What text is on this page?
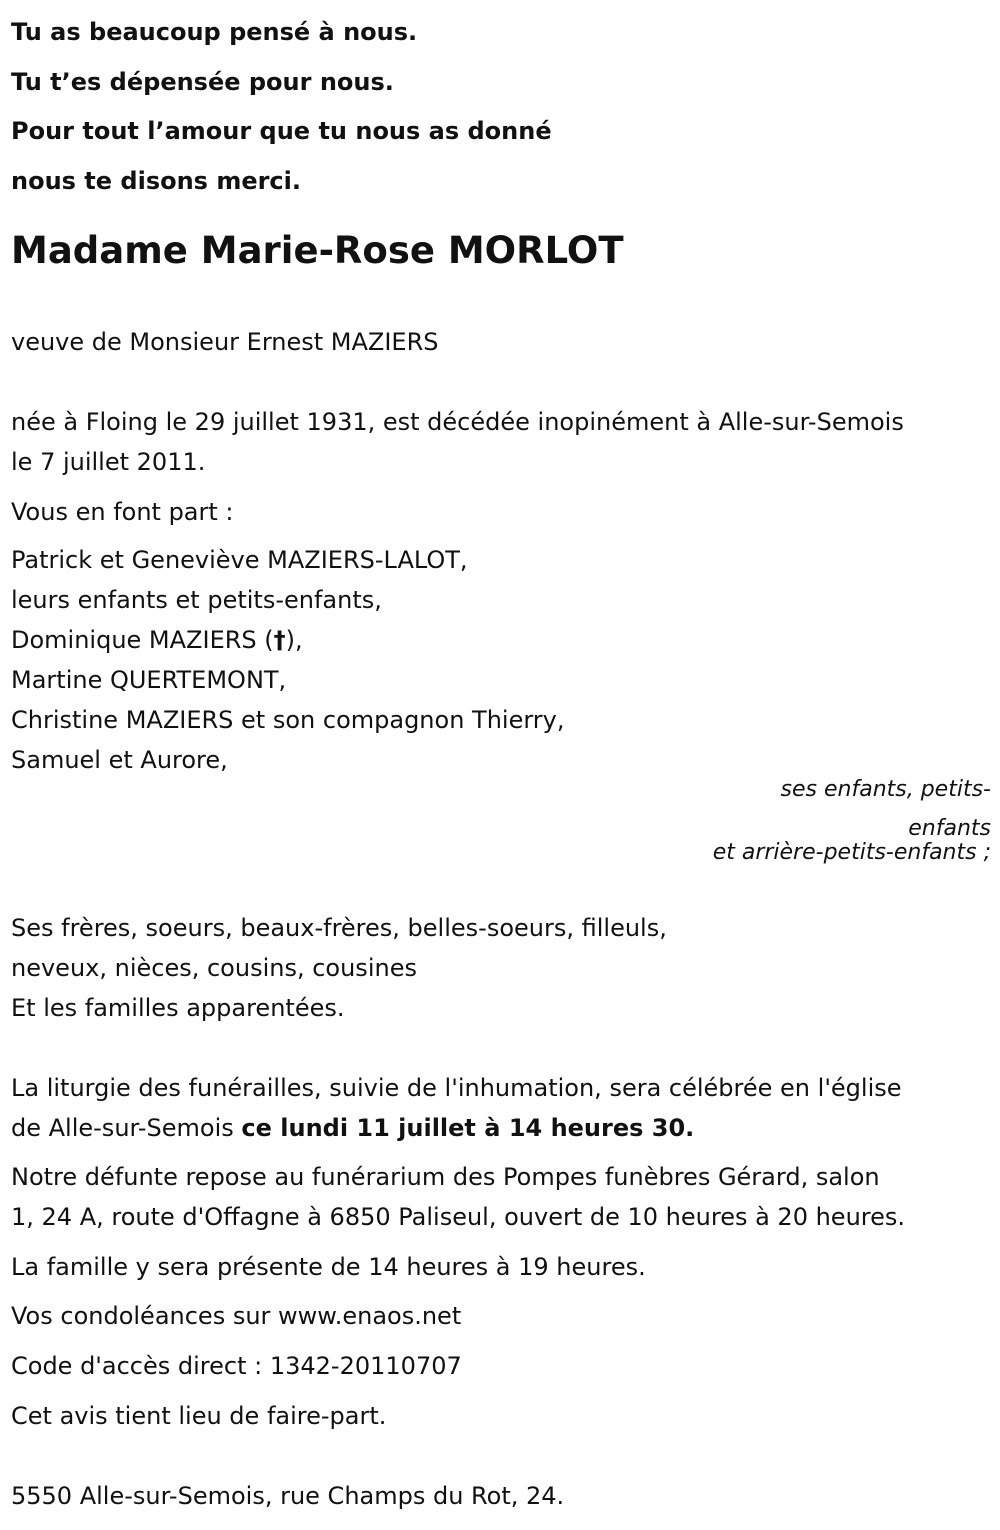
Tu as beaucoup pensé à nous.
Tu t’es dépensée pour nous.
Pour tout l’amour que tu nous as donné
nous te disons merci.
Madame Marie-Rose MORLOT
veuve de Monsieur Ernest MAZIERS
née à Floing le 29 juillet 1931, est décédée inopinément à Alle-sur-Semois
le 7 juillet 2011.
Vous en font part :
Patrick et Geneviève MAZIERS-LALOT,
leurs enfants et petits-enfants,
Dominique MAZIERS (†),
Martine QUERTEMONT,
Christine MAZIERS et son compagnon Thierry,
Samuel et Aurore,
ses enfants, petits-enfants
et arrière-petits-enfants ;
Ses frères, soeurs, beaux-frères, belles-soeurs, filleuls,
neveux, nièces, cousins, cousines
Et les familles apparentées.
La liturgie des funérailles, suivie de l'inhumation, sera célébrée en l'église
de Alle-sur-Semois ce lundi 11 juillet à 14 heures 30.
Notre défunte repose au funérarium des Pompes funèbres Gérard, salon
1, 24 A, route d'Offagne à 6850 Paliseul, ouvert de 10 heures à 20 heures.
La famille y sera présente de 14 heures à 19 heures.
Vos condoléances sur www.enaos.net
Code d'accès direct : 1342-20110707
Cet avis tient lieu de faire-part.
5550 Alle-sur-Semois, rue Champs du Rot, 24.
